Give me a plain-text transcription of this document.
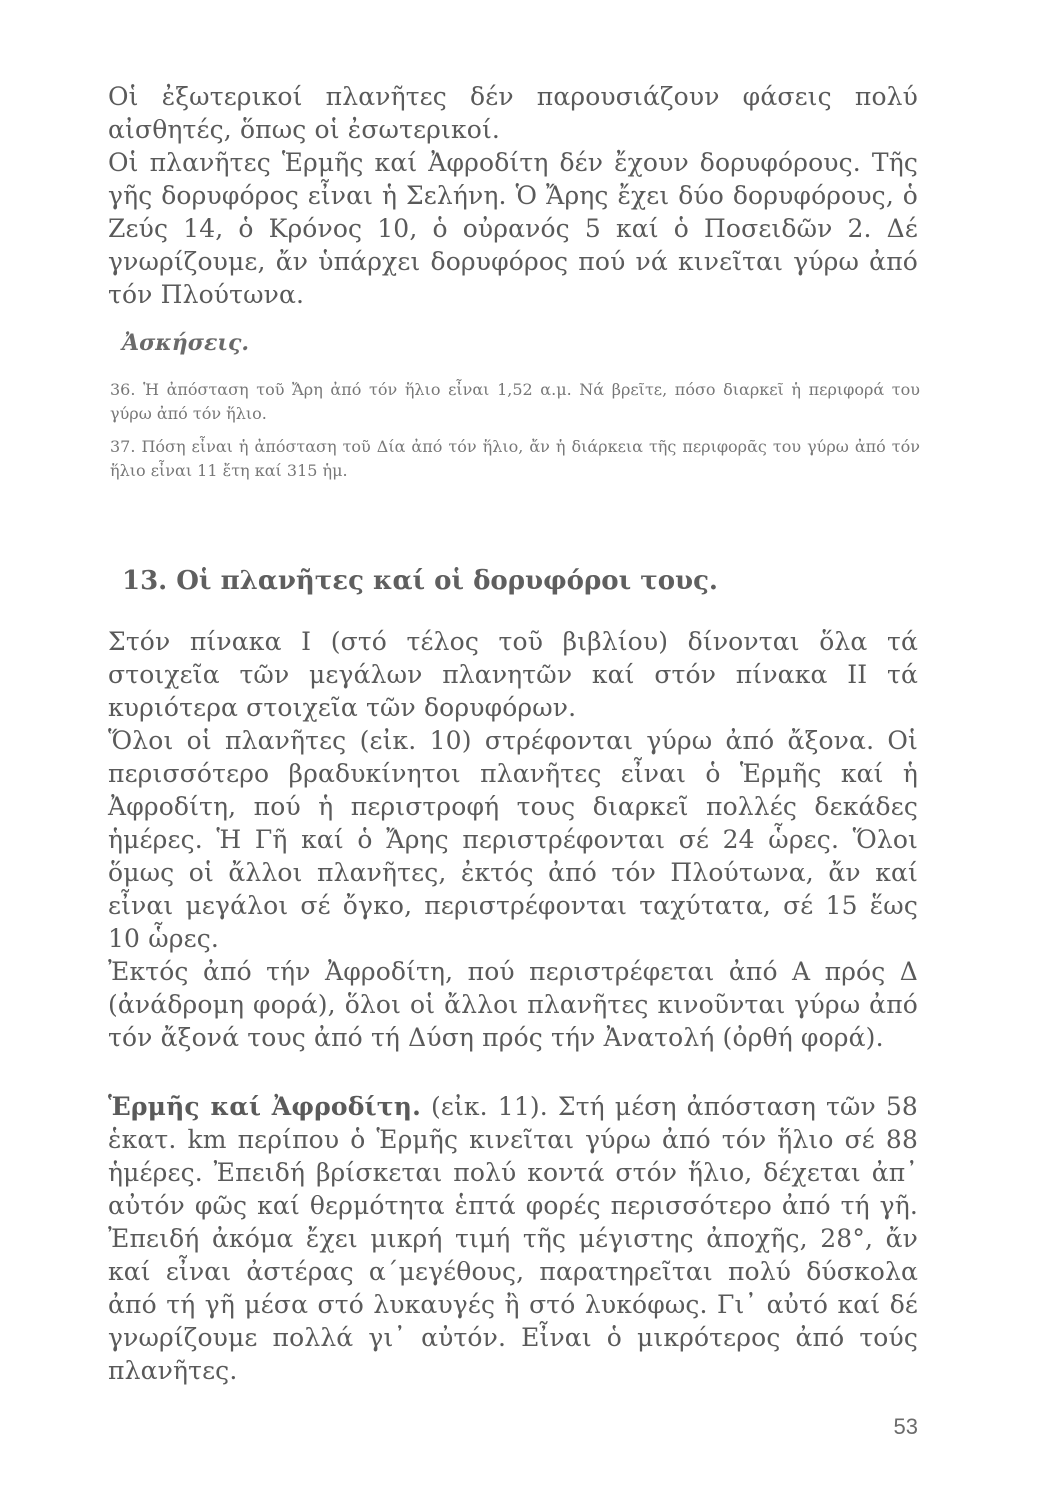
Οἱ ἐξωτερικοί πλανῆτες δέν παρουσιάζουν φάσεις πολύ αἰσθητές, ὅπως οἱ ἐσωτερικοί.

Οἱ πλανῆτες Ἑρμῆς καί Ἀφροδίτη δέν ἔχουν δορυφόρους. Τῆς γῆς δορυφόρος εἶναι ἡ Σελήνη. Ὁ Ἄρης ἔχει δύο δορυφόρους, ὁ Ζεύς 14, ὁ Κρόνος 10, ὁ οὐρανός 5 καί ὁ Ποσειδῶν 2. Δέ γνωρίζουμε, ἄν ὑπάρχει δορυφόρος πού νά κινεῖται γύρω ἀπό τόν Πλούτωνα.

Ἀσκήσεις.

36. Ἡ ἀπόσταση τοῦ Ἄρη ἀπό τόν ἥλιο εἶναι 1,52 α.μ. Νά βρεῖτε, πόσο διαρκεῖ ἡ περιφορά του γύρω ἀπό τόν ἥλιο.

37. Πόση εἶναι ἡ ἀπόσταση τοῦ Δία ἀπό τόν ἥλιο, ἄν ἡ διάρκεια τῆς περιφορᾶς του γύρω ἀπό τόν ἥλιο εἶναι 11 ἔτη καί 315 ἡμ.

13. Οἱ πλανῆτες καί οἱ δορυφόροι τους.

Στόν πίνακα Ι (στό τέλος τοῦ βιβλίου) δίνονται ὅλα τά στοιχεῖα τῶν μεγάλων πλανητῶν καί στόν πίνακα ΙΙ τά κυριότερα στοιχεῖα τῶν δορυφόρων.

Ὅλοι οἱ πλανῆτες (εἰκ. 10) στρέφονται γύρω ἀπό ἄξονα. Οἱ περισσότερο βραδυκίνητοι πλανῆτες εἶναι ὁ Ἑρμῆς καί ἡ Ἀφροδίτη, πού ἡ περιστροφή τους διαρκεῖ πολλές δεκάδες ἡμέρες. Ἡ Γῆ καί ὁ Ἄρης περιστρέφονται σέ 24 ὧρες. Ὅλοι ὅμως οἱ ἄλλοι πλανῆτες, ἐκτός ἀπό τόν Πλούτωνα, ἄν καί εἶναι μεγάλοι σέ ὄγκο, περιστρέφονται ταχύτατα, σέ 15 ἕως 10 ὧρες.

Ἐκτός ἀπό τήν Ἀφροδίτη, πού περιστρέφεται ἀπό Α πρός Δ (ἀνάδρομη φορά), ὅλοι οἱ ἄλλοι πλανῆτες κινοῦνται γύρω ἀπό τόν ἄξονά τους ἀπό τή Δύση πρός τήν Ἀνατολή (ὀρθή φορά).

Ἑρμῆς καί Ἀφροδίτη. (εἰκ. 11). Στή μέση ἀπόσταση τῶν 58 ἑκατ. km περίπου ὁ Ἑρμῆς κινεῖται γύρω ἀπό τόν ἥλιο σέ 88 ἡμέρες. Ἐπειδή βρίσκεται πολύ κοντά στόν ἥλιο, δέχεται ἀπ᾿ αὐτόν φῶς καί θερμότητα ἑπτά φορές περισσότερο ἀπό τή γῆ. Ἐπειδή ἀκόμα ἔχει μικρή τιμή τῆς μέγιστης ἀποχῆς, 28°, ἄν καί εἶναι ἀστέρας α΄μεγέθους, παρατηρεῖται πολύ δύσκολα ἀπό τή γῆ μέσα στό λυκαυγές ἢ στό λυκόφως. Γι᾿ αὐτό καί δέ γνωρίζουμε πολλά γι᾿ αὐτόν. Εἶναι ὁ μικρότερος ἀπό τούς πλανῆτες.

53
